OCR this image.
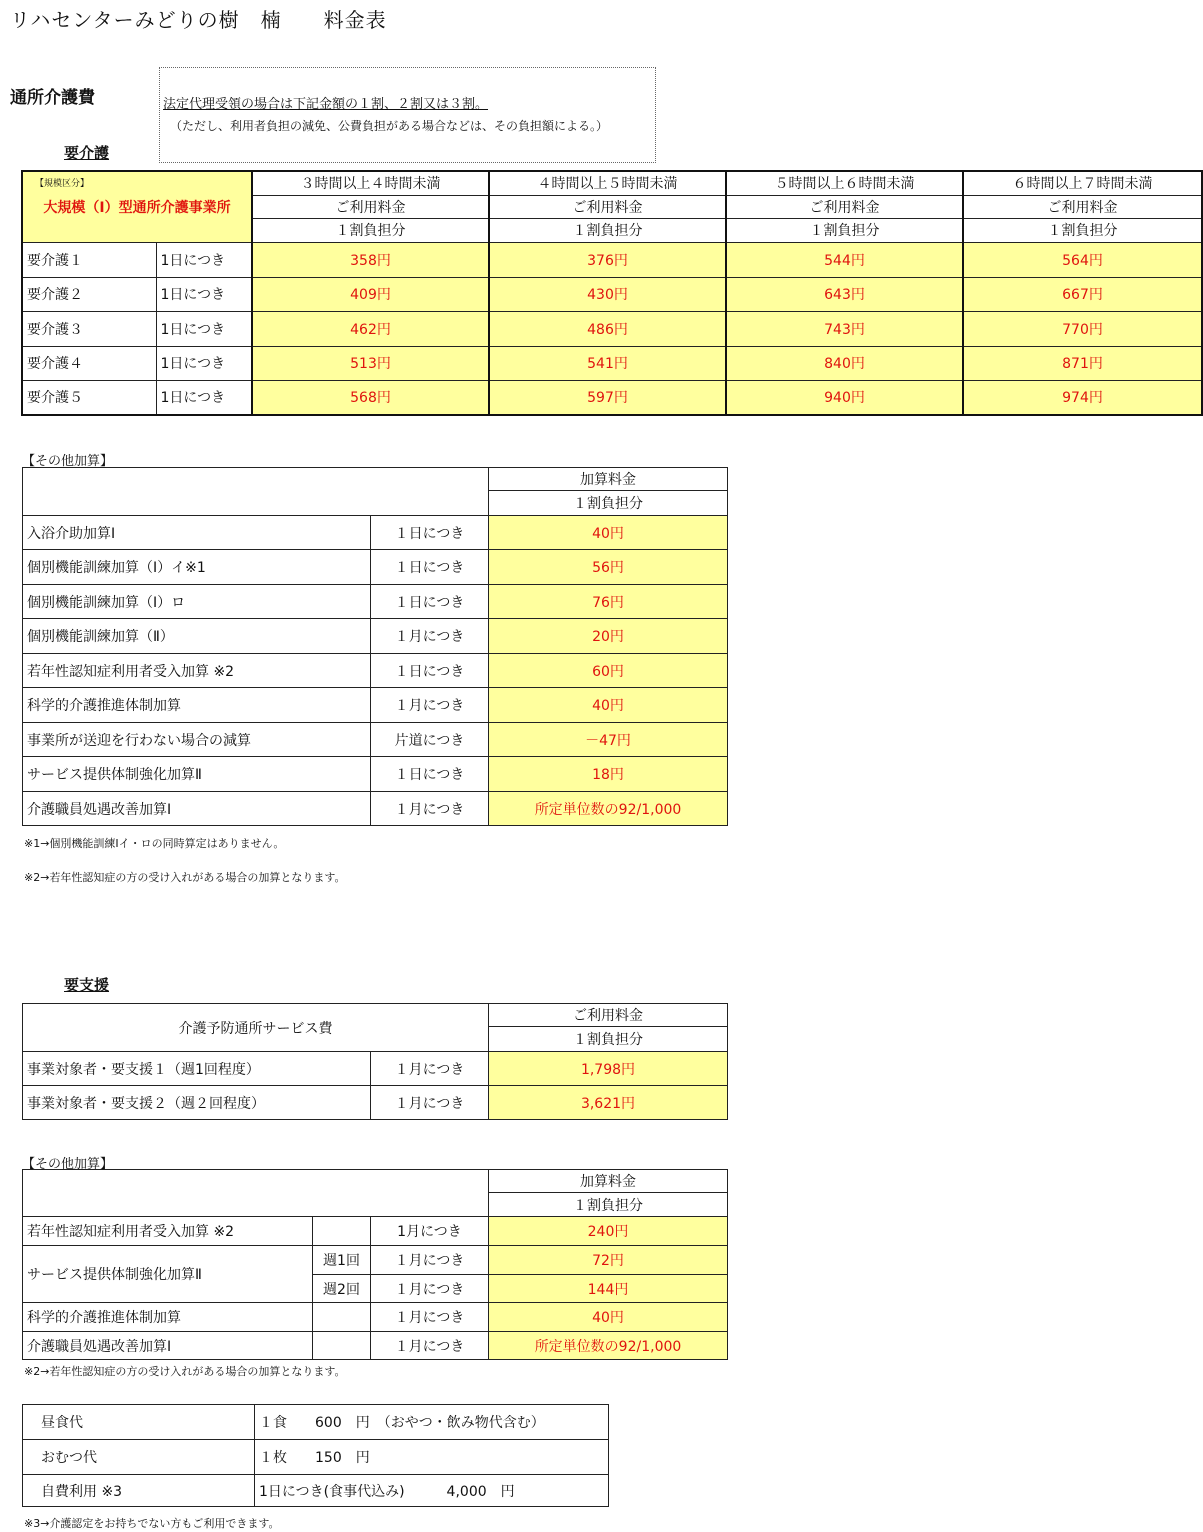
リハセンターみどりの樹　楠　　料金表
通所介護費	法定代理受領の場合は下記金額の１割、２割又は３割。
（ただし、利用者負担の減免、公費負担がある場合などは、その負担額による。）
要介護
【規模区分】
大規模（Ⅰ）型通所介護事業所		３時間以上４時間未満	４時間以上５時間未満	５時間以上６時間未満	６時間以上７時間未満
		ご利用料金	ご利用料金	ご利用料金	ご利用料金
		１割負担分	１割負担分	１割負担分	１割負担分
要介護１	1日につき	358円	376円	544円	564円
要介護２	1日につき	409円	430円	643円	667円
要介護３	1日につき	462円	486円	743円	770円
要介護４	1日につき	513円	541円	840円	871円
要介護５	1日につき	568円	597円	940円	974円
【その他加算】
		加算料金
		１割負担分
入浴介助加算Ⅰ	１日につき	40円
個別機能訓練加算（Ⅰ）イ※1	１日につき	56円
個別機能訓練加算（Ⅰ）ロ	１日につき	76円
個別機能訓練加算（Ⅱ）	１月につき	20円
若年性認知症利用者受入加算 ※2	１日につき	60円
科学的介護推進体制加算	１月につき	40円
事業所が送迎を行わない場合の減算	片道につき	－47円
サービス提供体制強化加算Ⅱ	１日につき	18円
介護職員処遇改善加算Ⅰ	１月につき	所定単位数の92/1,000
※1→個別機能訓練Ⅰイ・ロの同時算定はありません。
※2→若年性認知症の方の受け入れがある場合の加算となります。
要支援
介護予防通所サービス費		ご利用料金
		１割負担分
事業対象者・要支援１（週1回程度）	１月につき	1,798円
事業対象者・要支援２（週２回程度）	１月につき	3,621円
【その他加算】
			加算料金
			１割負担分
若年性認知症利用者受入加算 ※2		1月につき	240円
サービス提供体制強化加算Ⅱ	週1回	１月につき	72円
	週2回	１月につき	144円
科学的介護推進体制加算		１月につき	40円
介護職員処遇改善加算Ⅰ		１月につき	所定単位数の92/1,000
※2→若年性認知症の方の受け入れがある場合の加算となります。
昼食代	１食　　600　円　（おやつ・飲み物代含む）
おむつ代	１枚　　150　円
自費利用 ※3	1日につき(食事代込み)　　　4,000　円
※3→介護認定をお持ちでない方もご利用できます。
